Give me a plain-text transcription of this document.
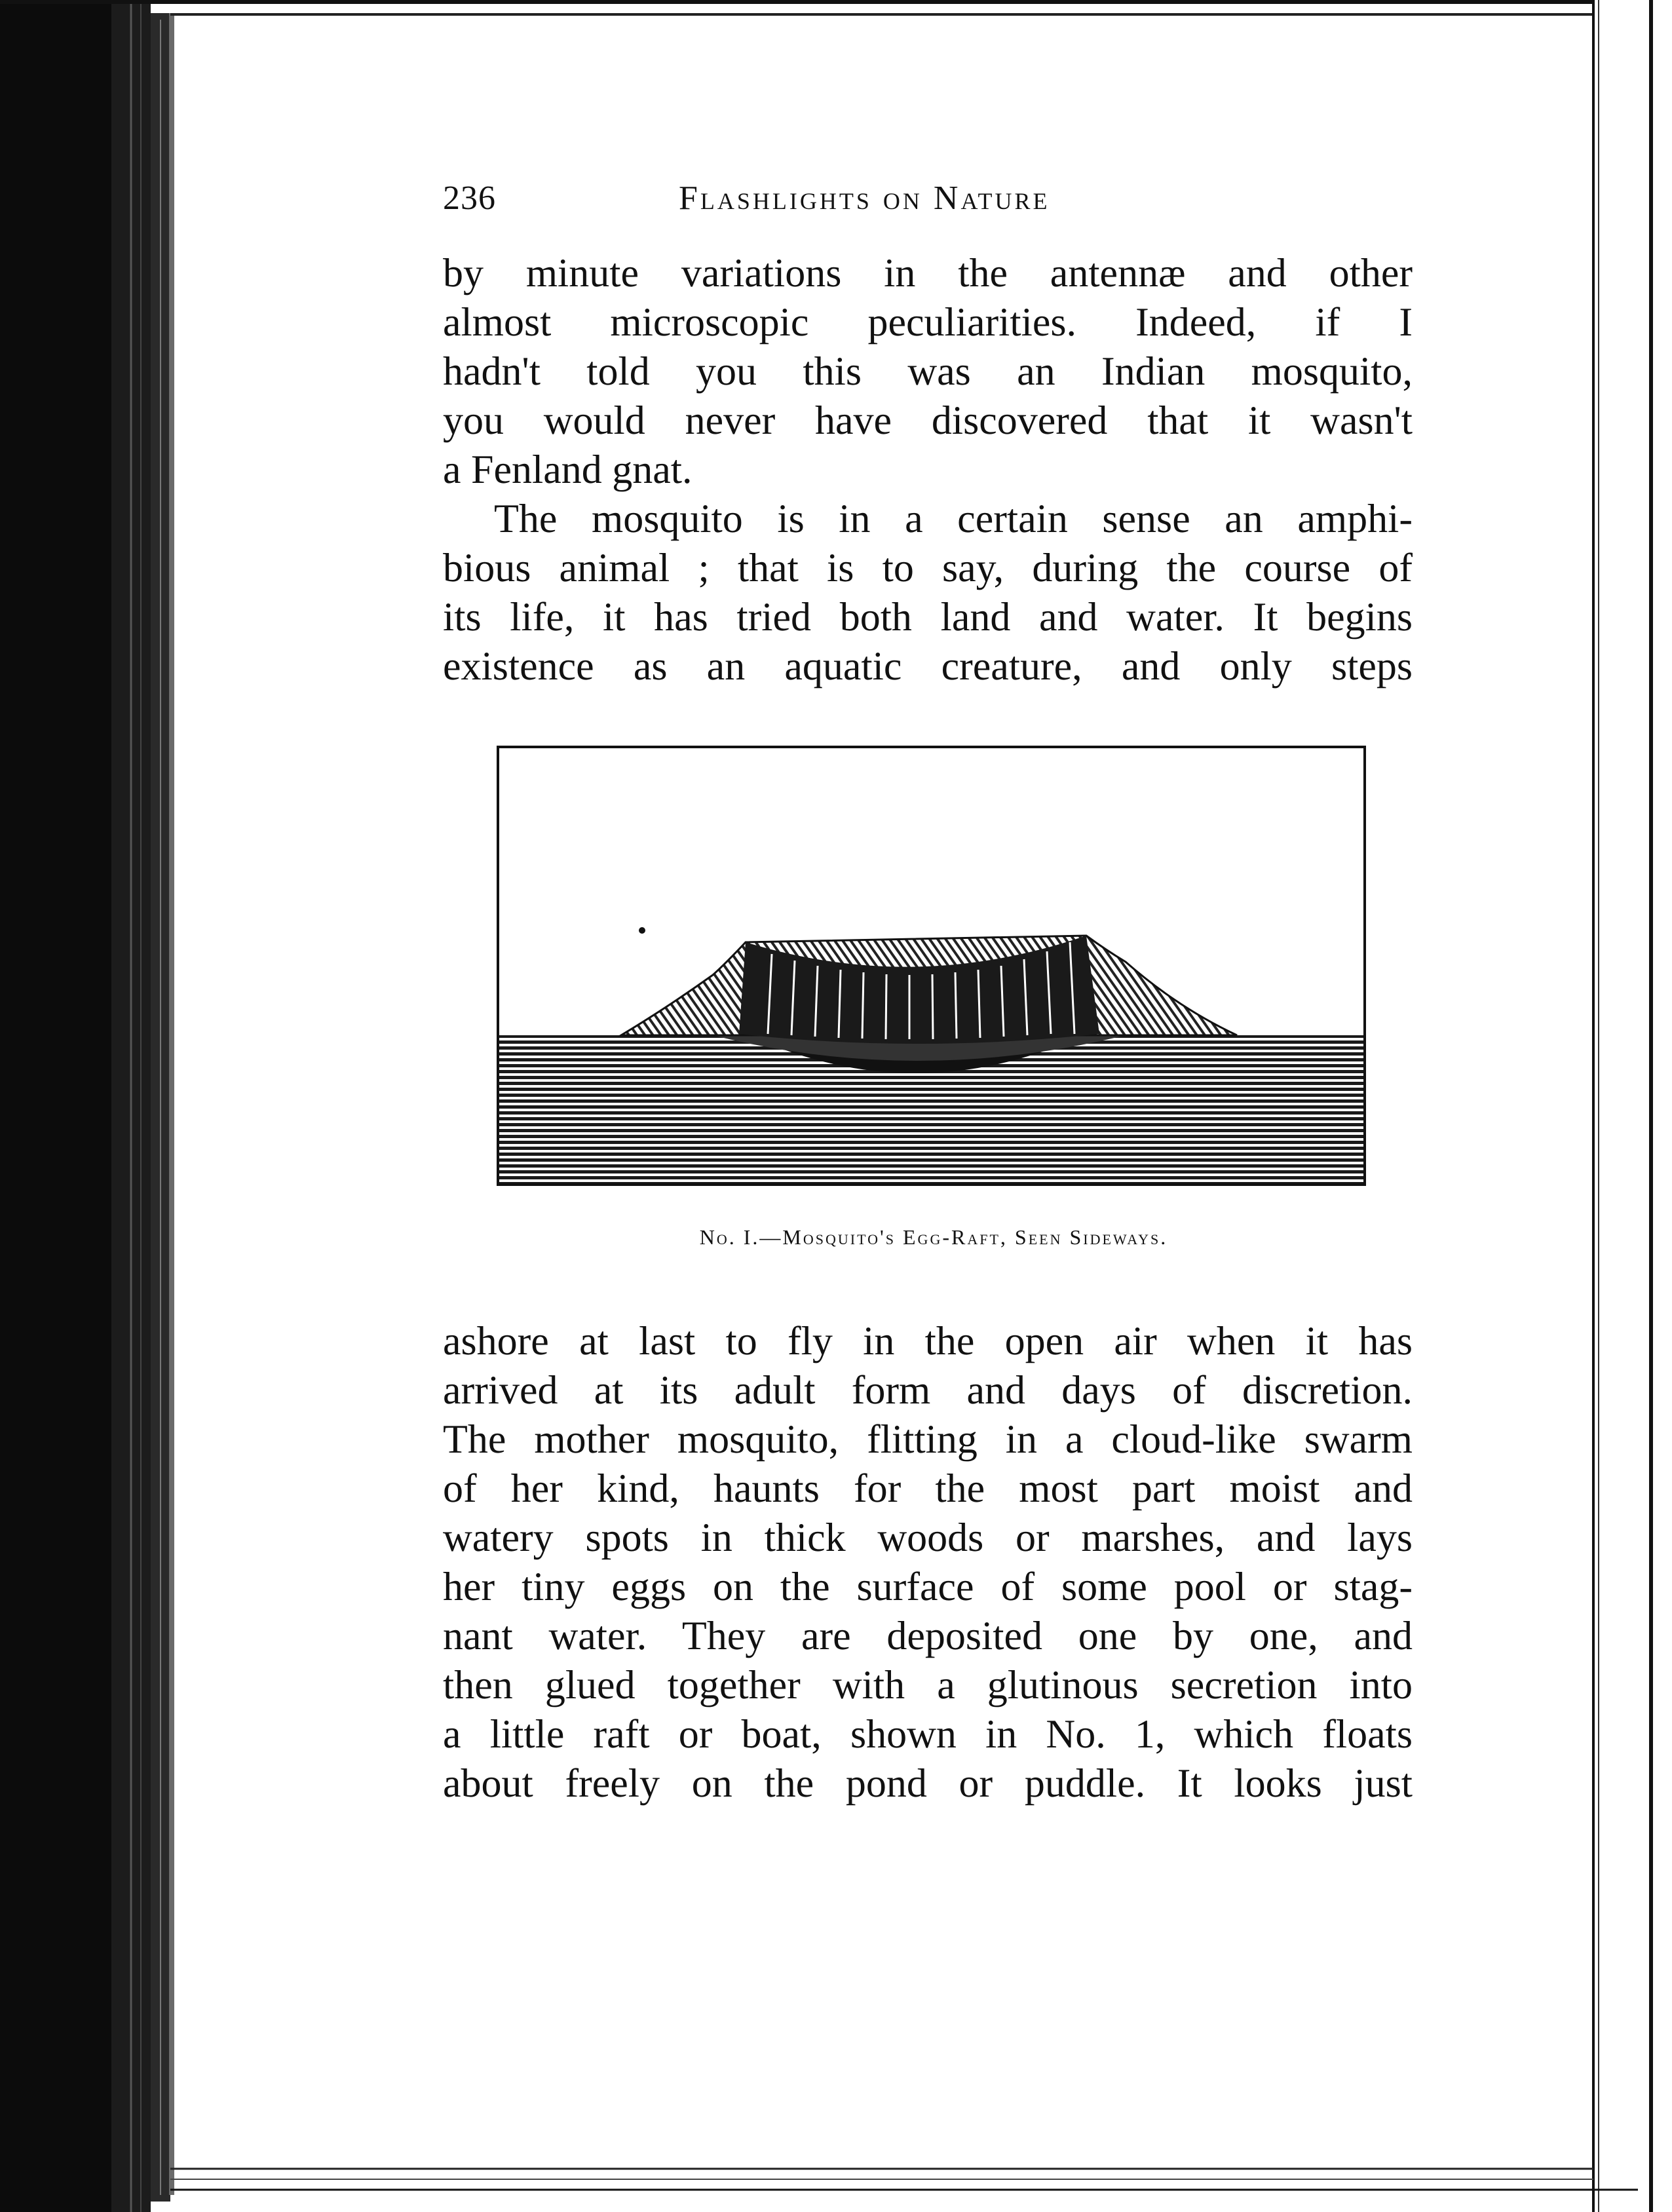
236	Flashlights on Nature
by minute variations in the antennæ and other
almost microscopic peculiarities. Indeed, if I
hadn't told you this was an Indian mosquito,
you would never have discovered that it wasn't
a Fenland gnat.
The mosquito is in a certain sense an amphi-
bious animal ; that is to say, during the course of
its life, it has tried both land and water. It begins
existence as an aquatic creature, and only steps
No. I.—Mosquito's Egg-Raft, Seen Sideways.
ashore at last to fly in the open air when it has
arrived at its adult form and days of discretion.
The mother mosquito, flitting in a cloud-like swarm
of her kind, haunts for the most part moist and
watery spots in thick woods or marshes, and lays
her tiny eggs on the surface of some pool or stag-
nant water. They are deposited one by one, and
then glued together with a glutinous secretion into
a little raft or boat, shown in No. 1, which floats
about freely on the pond or puddle. It looks just
